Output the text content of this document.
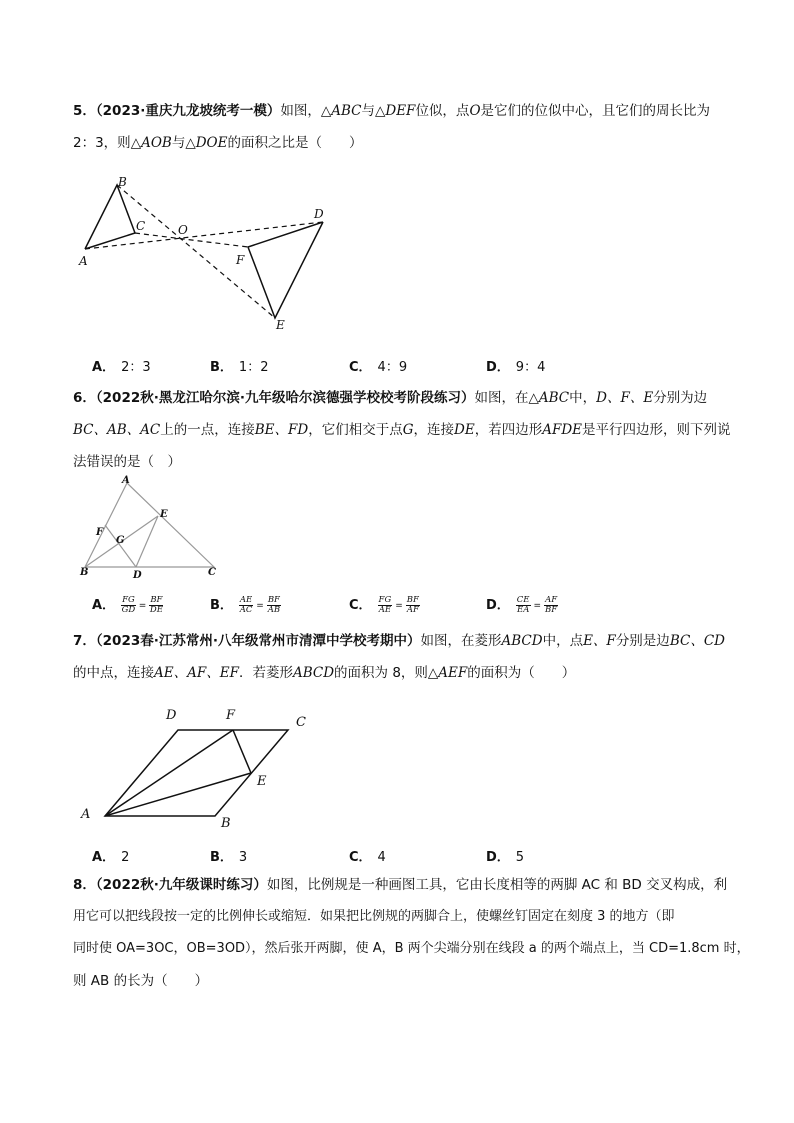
5．（2023·重庆九龙坡统考一模）如图，△ABC与△DEF位似，点O是它们的位似中心，且它们的周长比为
2：3，则△AOB与△DOE的面积之比是（　　）
A
B
C	O
D
E
F
A． 2：3	B． 1：2	C． 4：9	D． 9：4
6．（2022秋·黑龙江哈尔滨·九年级哈尔滨德强学校校考阶段练习）如图，在△ABC中，D、F、E分别为边
BC、AB、AC上的一点，连接BE、FD，它们相交于点G，连接DE，若四边形AFDE是平行四边形，则下列说
法错误的是（　）
A
B	C
D
E
F
G
A． $\frac{FG}{GD} = \frac{BF}{DE}$	B． $\frac{AE}{AC} = \frac{BF}{AB}$	C． $\frac{FG}{AE} = \frac{BF}{AF}$	D． $\frac{CE}{EA} = \frac{AF}{BF}$
7．（2023春·江苏常州·八年级常州市清潭中学校考期中）如图，在菱形ABCD中，点E、F分别是边BC、CD
的中点，连接AE、AF、EF．若菱形ABCD的面积为 8，则△AEF的面积为（　　）
A
B
C
D
E
F
A． 2	B． 3	C． 4	D． 5
8．（2022秋·九年级课时练习）如图，比例规是一种画图工具，它由长度相等的两脚 AC 和 BD 交叉构成，利
用它可以把线段按一定的比例伸长或缩短．如果把比例规的两脚合上，使螺丝钉固定在刻度 3 的地方（即
同时使 OA=3OC，OB=3OD），然后张开两脚，使 A，B 两个尖端分别在线段 a 的两个端点上，当 CD=1.8cm 时，
则 AB 的长为（　　）
